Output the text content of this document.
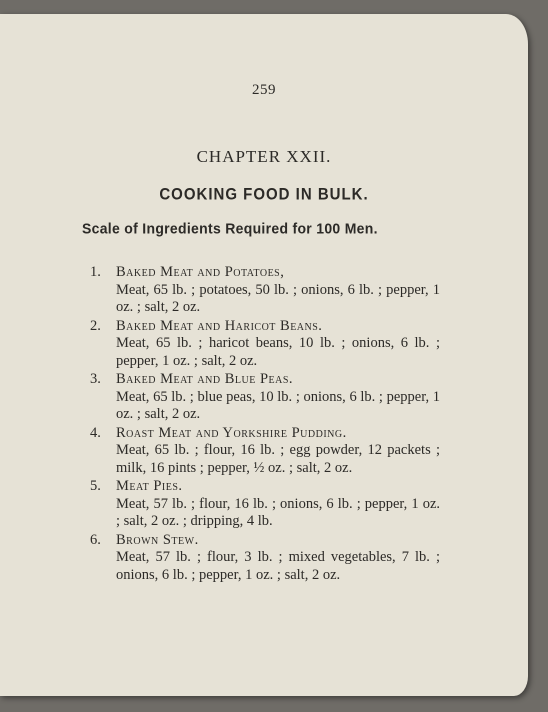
259
CHAPTER XXII.
COOKING FOOD IN BULK.
Scale of Ingredients Required for 100 Men.
1. Baked Meat and Potatoes,
Meat, 65 lb. ; potatoes, 50 lb. ; onions, 6 lb. ; pepper, 1 oz. ; salt, 2 oz.
2. Baked Meat and Haricot Beans.
Meat, 65 lb. ; haricot beans, 10 lb. ; onions, 6 lb. ; pepper, 1 oz. ; salt, 2 oz.
3. Baked Meat and Blue Peas.
Meat, 65 lb. ; blue peas, 10 lb. ; onions, 6 lb. ; pepper, 1 oz. ; salt, 2 oz.
4. Roast Meat and Yorkshire Pudding.
Meat, 65 lb. ; flour, 16 lb. ; egg powder, 12 packets ; milk, 16 pints ; pepper, ½ oz. ; salt, 2 oz.
5. Meat Pies.
Meat, 57 lb. ; flour, 16 lb. ; onions, 6 lb. ; pepper, 1 oz. ; salt, 2 oz. ; dripping, 4 lb.
6. Brown Stew.
Meat, 57 lb. ; flour, 3 lb. ; mixed vegetables, 7 lb. ; onions, 6 lb. ; pepper, 1 oz. ; salt, 2 oz.
